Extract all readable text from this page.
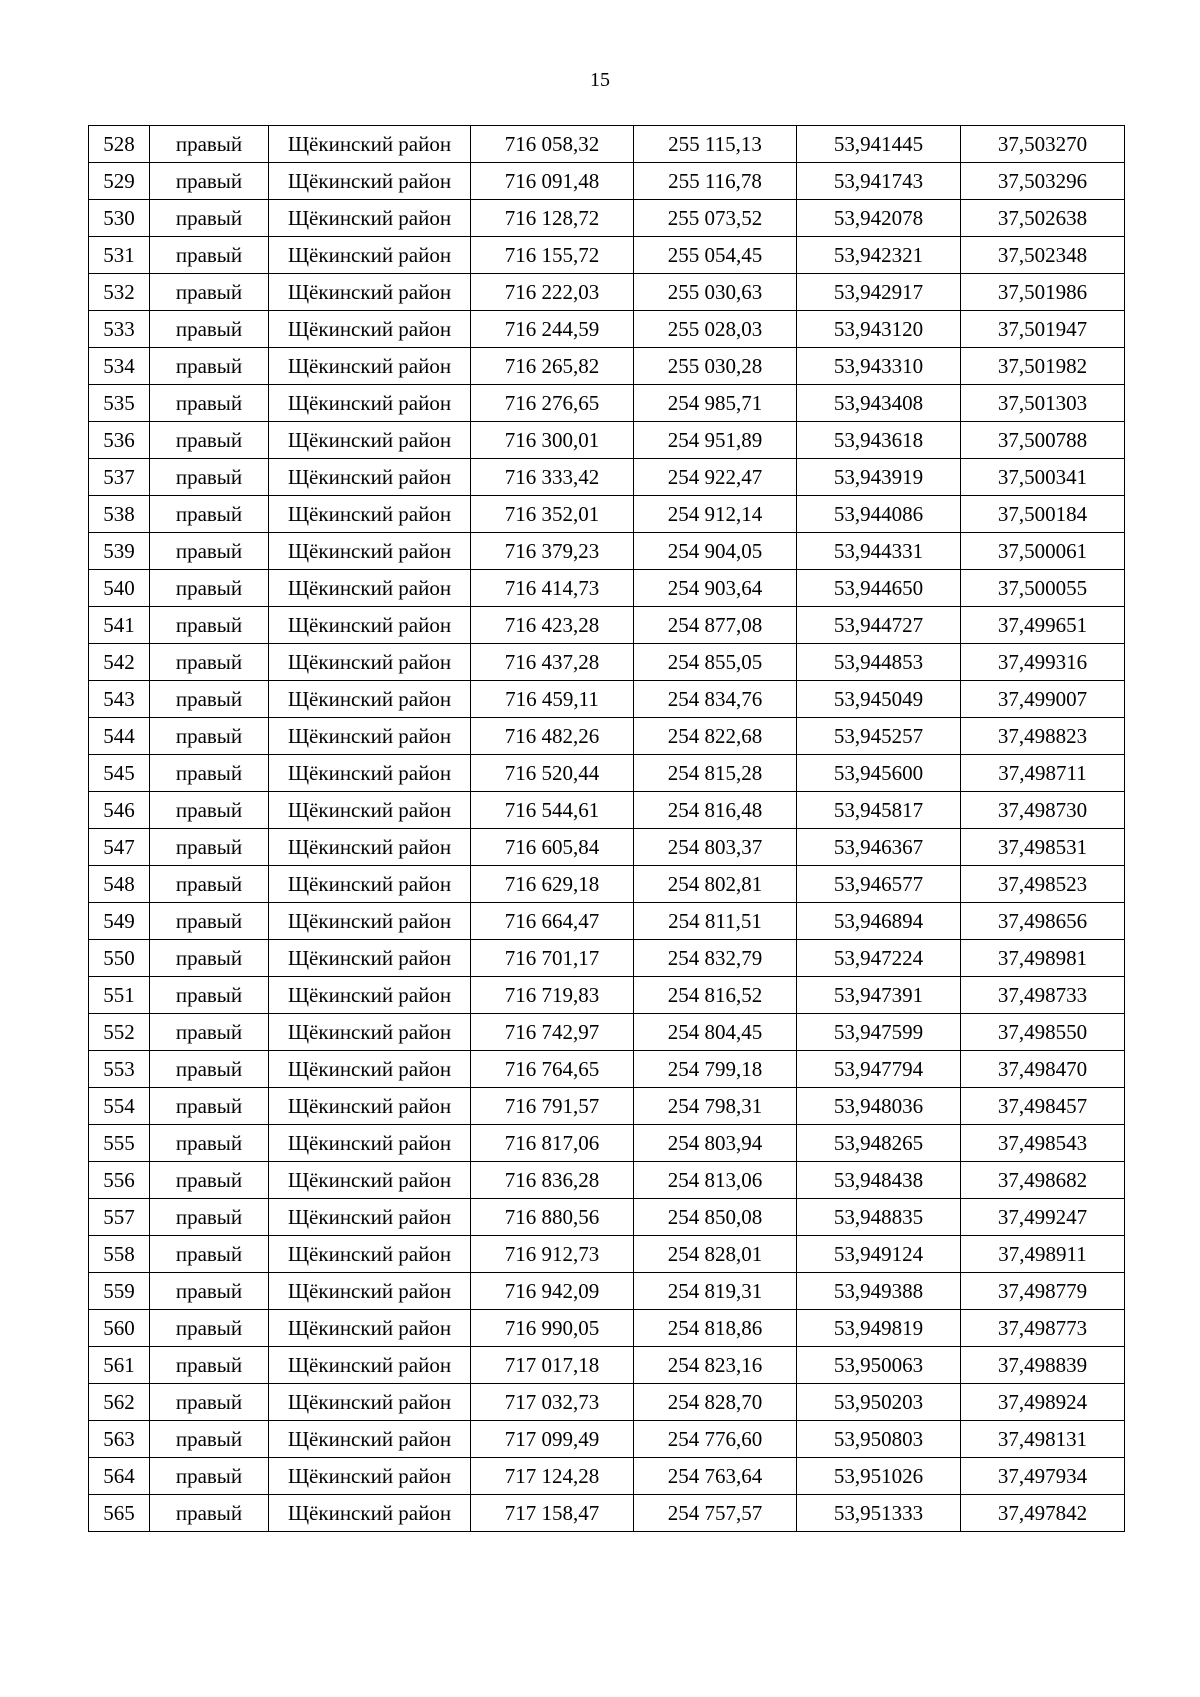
15
528	правый	Щёкинский район	716 058,32	255 115,13	53,941445	37,503270
529	правый	Щёкинский район	716 091,48	255 116,78	53,941743	37,503296
530	правый	Щёкинский район	716 128,72	255 073,52	53,942078	37,502638
531	правый	Щёкинский район	716 155,72	255 054,45	53,942321	37,502348
532	правый	Щёкинский район	716 222,03	255 030,63	53,942917	37,501986
533	правый	Щёкинский район	716 244,59	255 028,03	53,943120	37,501947
534	правый	Щёкинский район	716 265,82	255 030,28	53,943310	37,501982
535	правый	Щёкинский район	716 276,65	254 985,71	53,943408	37,501303
536	правый	Щёкинский район	716 300,01	254 951,89	53,943618	37,500788
537	правый	Щёкинский район	716 333,42	254 922,47	53,943919	37,500341
538	правый	Щёкинский район	716 352,01	254 912,14	53,944086	37,500184
539	правый	Щёкинский район	716 379,23	254 904,05	53,944331	37,500061
540	правый	Щёкинский район	716 414,73	254 903,64	53,944650	37,500055
541	правый	Щёкинский район	716 423,28	254 877,08	53,944727	37,499651
542	правый	Щёкинский район	716 437,28	254 855,05	53,944853	37,499316
543	правый	Щёкинский район	716 459,11	254 834,76	53,945049	37,499007
544	правый	Щёкинский район	716 482,26	254 822,68	53,945257	37,498823
545	правый	Щёкинский район	716 520,44	254 815,28	53,945600	37,498711
546	правый	Щёкинский район	716 544,61	254 816,48	53,945817	37,498730
547	правый	Щёкинский район	716 605,84	254 803,37	53,946367	37,498531
548	правый	Щёкинский район	716 629,18	254 802,81	53,946577	37,498523
549	правый	Щёкинский район	716 664,47	254 811,51	53,946894	37,498656
550	правый	Щёкинский район	716 701,17	254 832,79	53,947224	37,498981
551	правый	Щёкинский район	716 719,83	254 816,52	53,947391	37,498733
552	правый	Щёкинский район	716 742,97	254 804,45	53,947599	37,498550
553	правый	Щёкинский район	716 764,65	254 799,18	53,947794	37,498470
554	правый	Щёкинский район	716 791,57	254 798,31	53,948036	37,498457
555	правый	Щёкинский район	716 817,06	254 803,94	53,948265	37,498543
556	правый	Щёкинский район	716 836,28	254 813,06	53,948438	37,498682
557	правый	Щёкинский район	716 880,56	254 850,08	53,948835	37,499247
558	правый	Щёкинский район	716 912,73	254 828,01	53,949124	37,498911
559	правый	Щёкинский район	716 942,09	254 819,31	53,949388	37,498779
560	правый	Щёкинский район	716 990,05	254 818,86	53,949819	37,498773
561	правый	Щёкинский район	717 017,18	254 823,16	53,950063	37,498839
562	правый	Щёкинский район	717 032,73	254 828,70	53,950203	37,498924
563	правый	Щёкинский район	717 099,49	254 776,60	53,950803	37,498131
564	правый	Щёкинский район	717 124,28	254 763,64	53,951026	37,497934
565	правый	Щёкинский район	717 158,47	254 757,57	53,951333	37,497842
